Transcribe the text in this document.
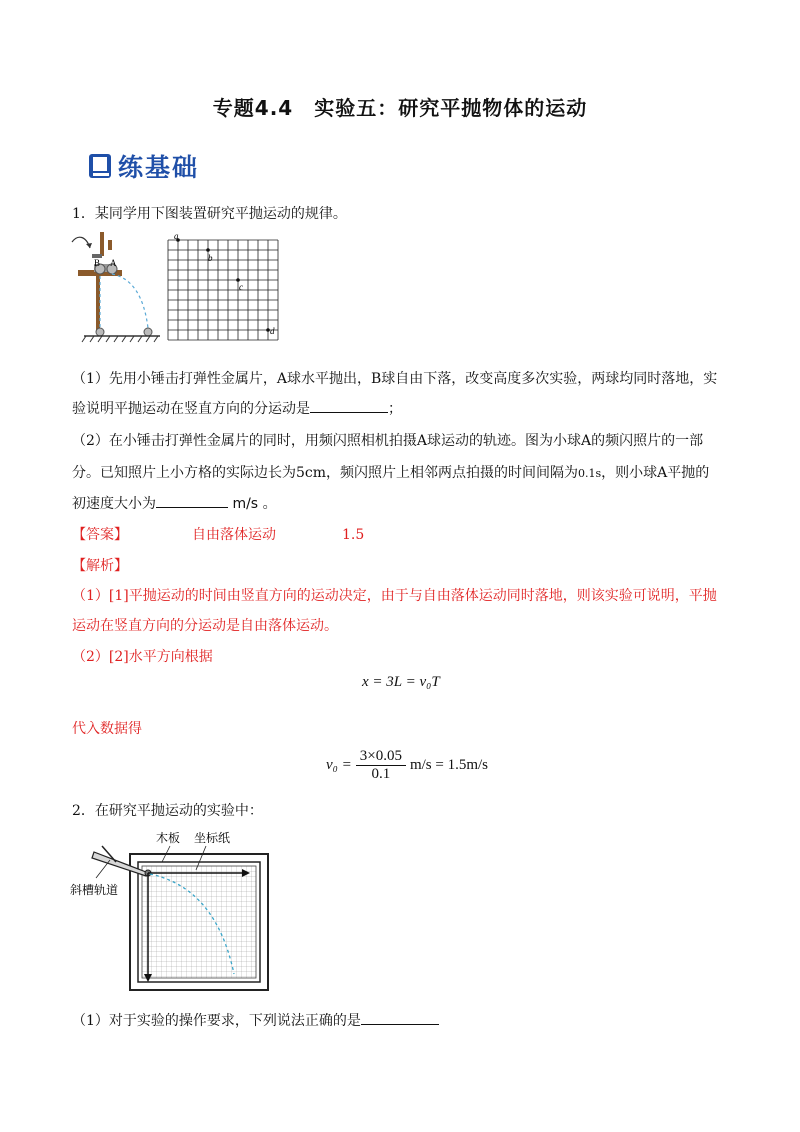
专题4.4　实验五：研究平抛物体的运动
练基础
1．某同学用下图装置研究平抛运动的规律。
B A
a
b
c
d
（1）先用小锤击打弹性金属片，A球水平抛出，B球自由下落，改变高度多次实验，两球均同时落地，实
验说明平抛运动在竖直方向的分运动是	；
（2）在小锤击打弹性金属片的同时，用频闪照相机拍摄A球运动的轨迹。图为小球A的频闪照片的一部
分。已知照片上小方格的实际边长为5cm，频闪照片上相邻两点拍摄的时间间隔为0.1s，则小球A平抛的
初速度大小为	m/s 。
【答案】	自由落体运动	1.5
【解析】
（1）[1]平抛运动的时间由竖直方向的运动决定，由于与自由落体运动同时落地，则该实验可说明，平抛
运动在竖直方向的分运动是自由落体运动。
（2）[2]水平方向根据
x = 3L = v₀T
代入数据得
$v_0 = \frac{3\times 0.05}{0.1} m/s = 1.5m/s$
2．在研究平抛运动的实验中：
木板 坐标纸
斜槽轨道
（1）对于实验的操作要求，下列说法正确的是
